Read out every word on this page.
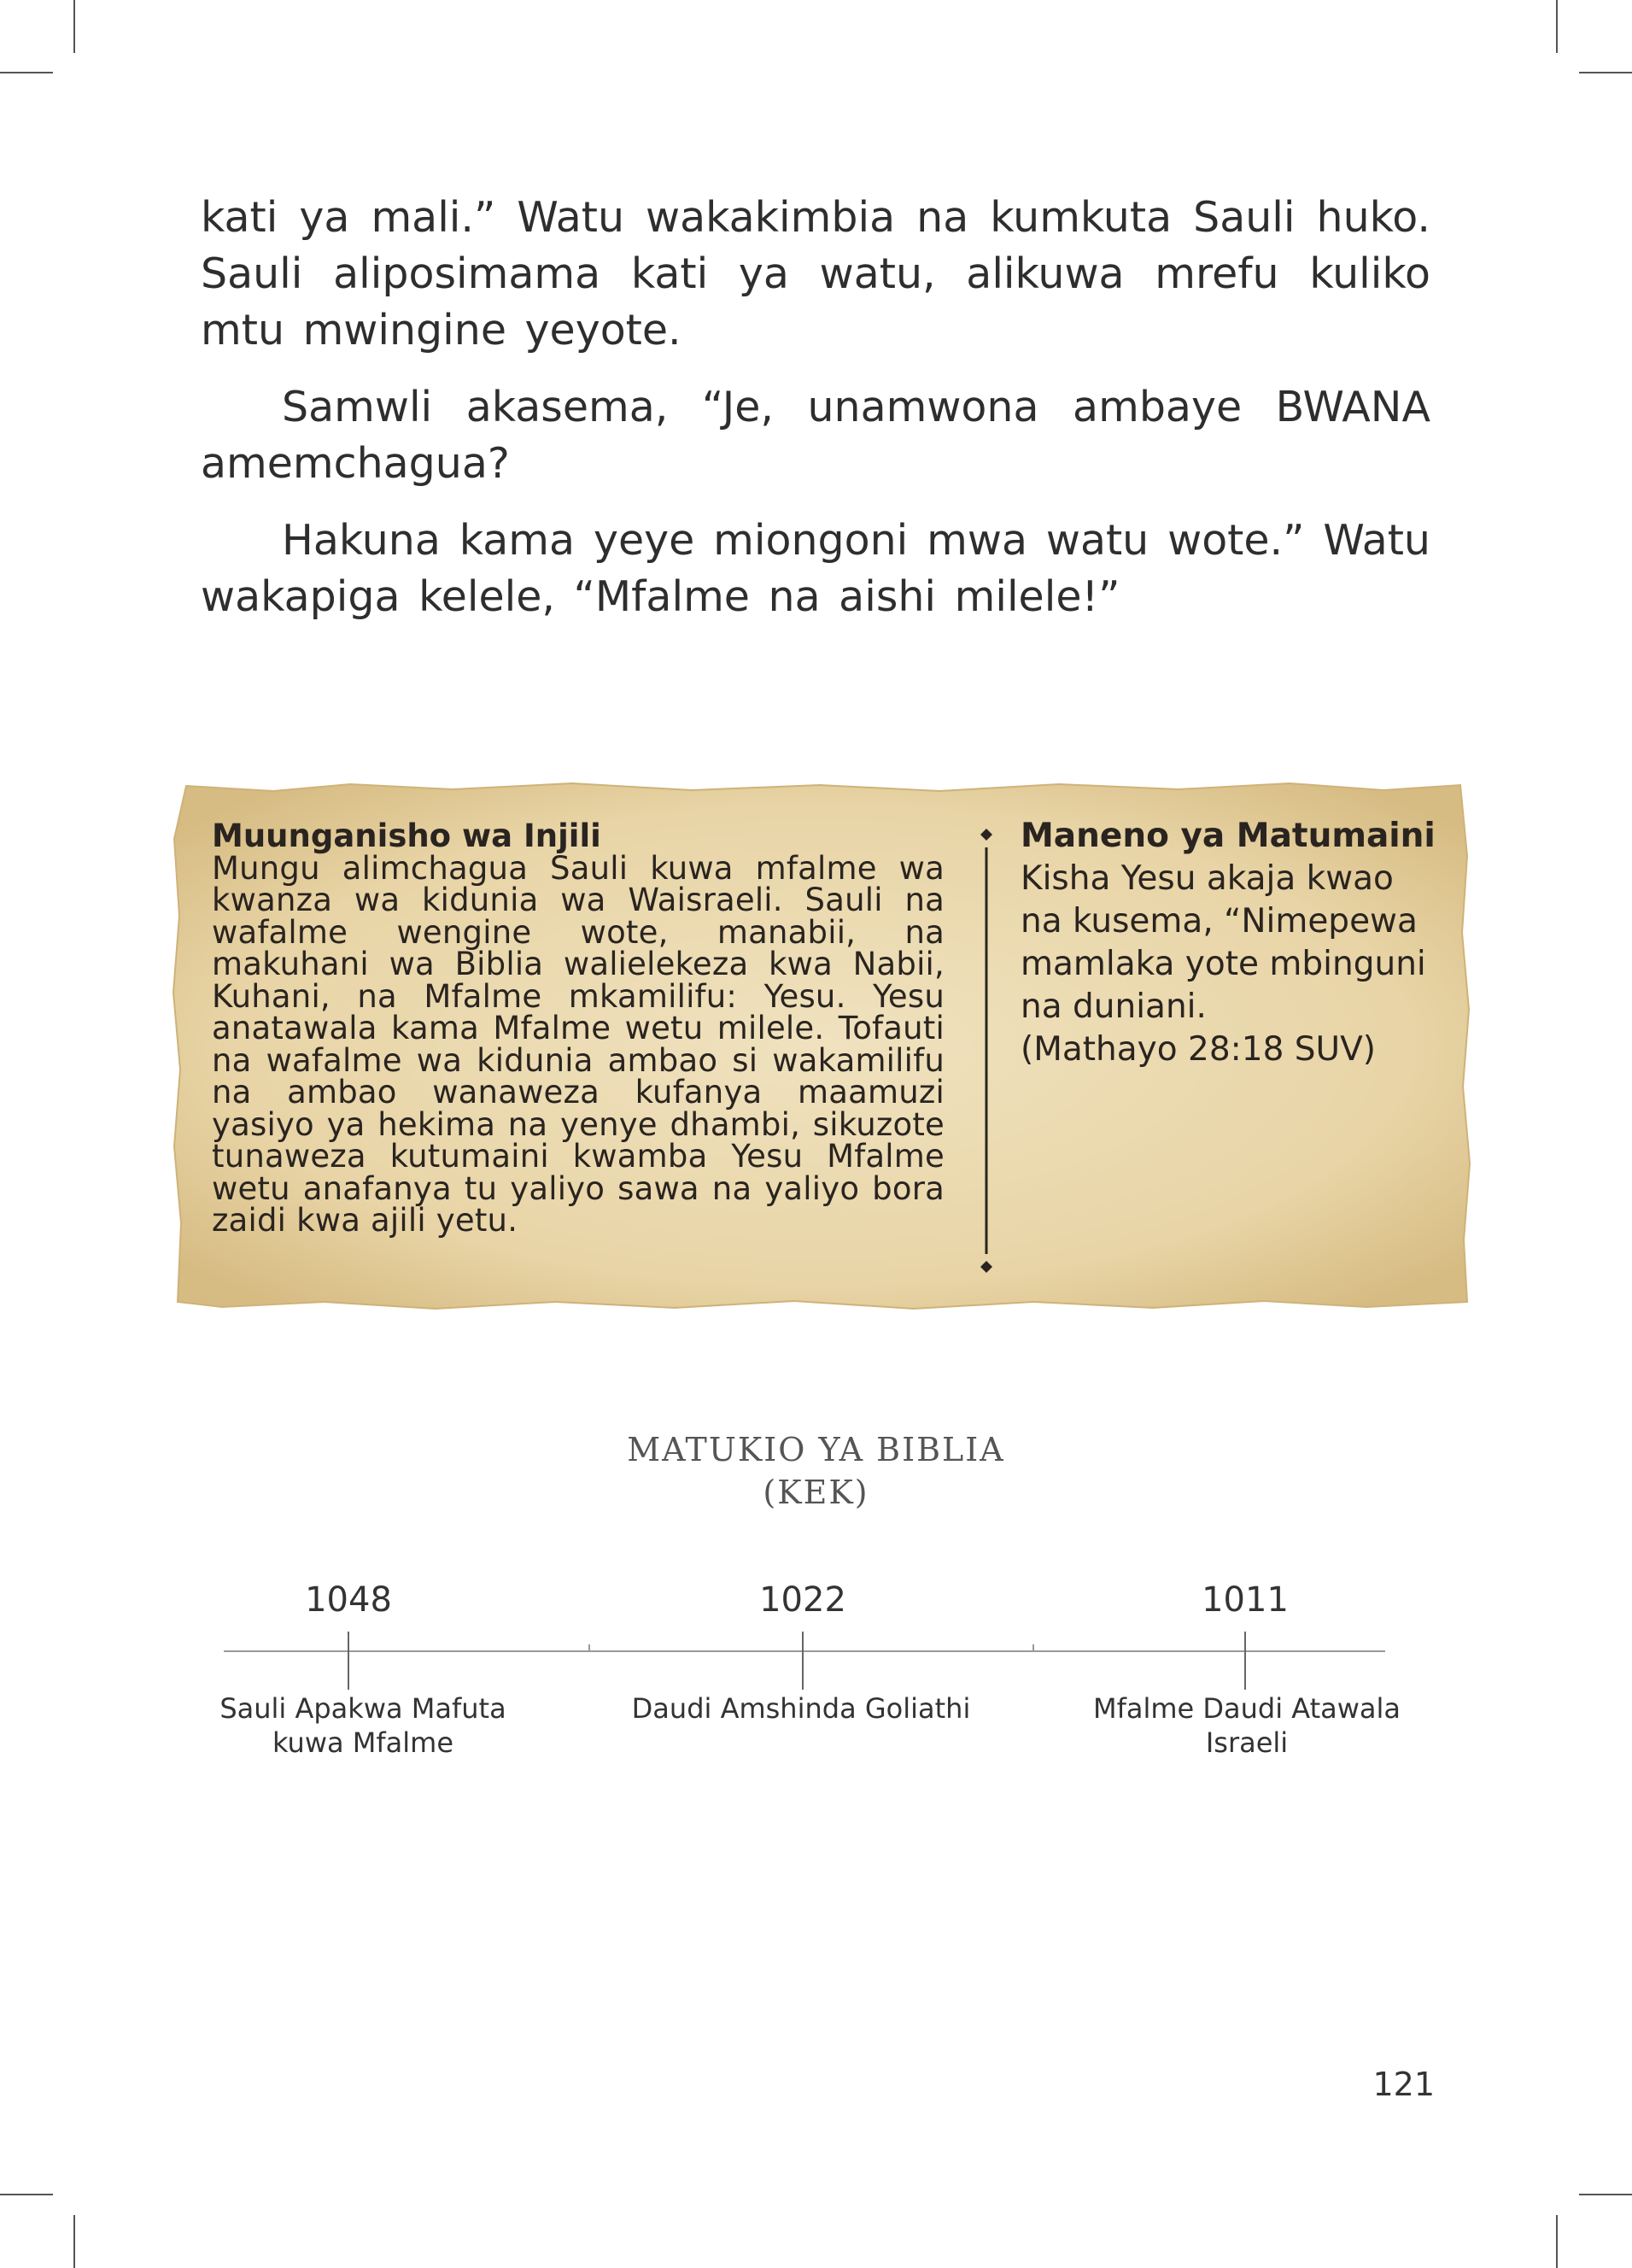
kati ya mali.” Watu wakakimbia na kumkuta Sauli huko. Sauli aliposimama kati ya watu, alikuwa mrefu kuliko mtu mwingine yeyote.

Samwli akasema, “Je, unamwona ambaye BWANA amemchagua?

Hakuna kama yeye miongoni mwa watu wote.” Watu wakapiga kelele, “Mfalme na aishi milele!”

Muunganisho wa Injili
Mungu alimchagua Sauli kuwa mfalme wa kwanza wa kidunia wa Waisraeli. Sauli na wafalme wengine wote, manabii, na makuhani wa Biblia walielekeza kwa Nabii, Kuhani, na Mfalme mkamilifu: Yesu. Yesu anatawala kama Mfalme wetu milele. Tofauti na wafalme wa kidunia ambao si wakamilifu na ambao wanaweza kufanya maamuzi yasiyo ya hekima na yenye dhambi, sikuzote tunaweza kutumaini kwamba Yesu Mfalme wetu anafanya tu yaliyo sawa na yaliyo bora zaidi kwa ajili yetu.
Maneno ya Matumaini
Kisha Yesu akaja kwao na kusema, “Nimepewa mamlaka yote mbinguni na duniani.
(Mathayo 28:18 SUV)
MATUKIO YA BIBLIA
(KEK)
1048	1022	1011
Sauli Apakwa Mafuta
kuwa Mfalme
Daudi Amshinda Goliathi	Mfalme Daudi Atawala
Israeli
121
